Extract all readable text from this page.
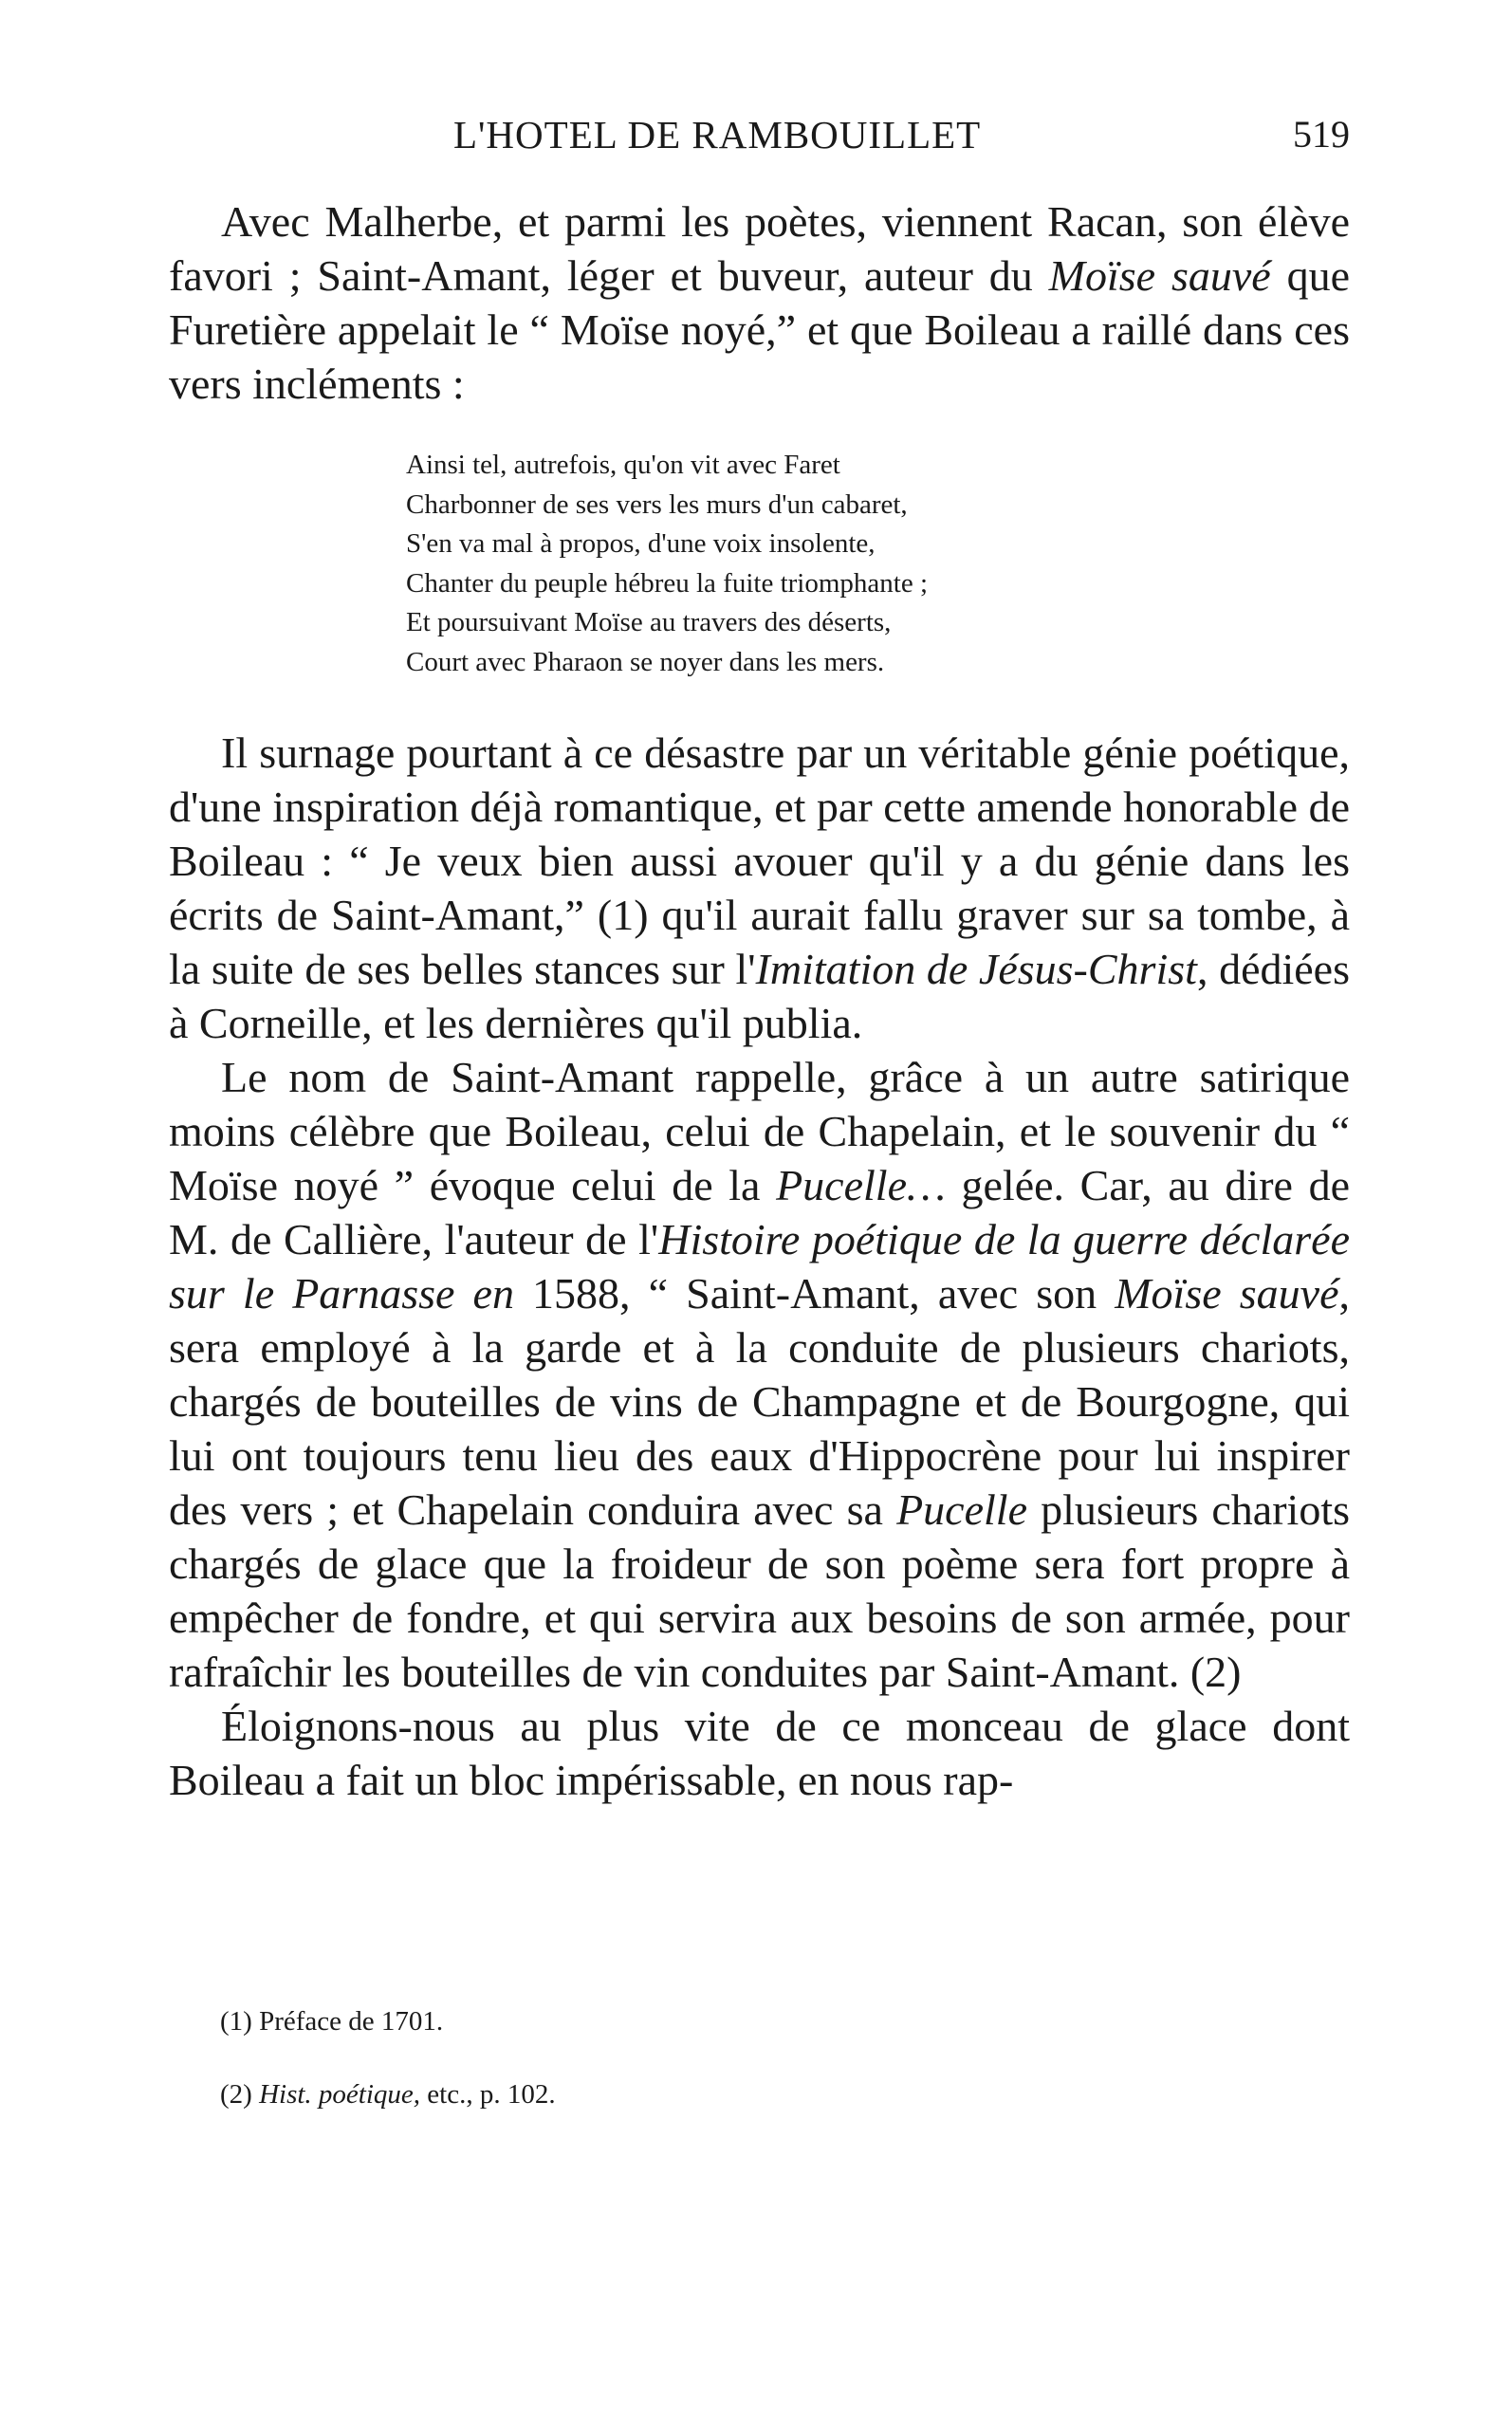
L'HOTEL DE RAMBOUILLET	519

Avec Malherbe, et parmi les poètes, viennent Racan, son élève favori ; Saint-Amant, léger et buveur, auteur du Moïse sauvé que Furetière appelait le “ Moïse noyé,” et que Boileau a raillé dans ces vers incléments :

Ainsi tel, autrefois, qu'on vit avec Faret
Charbonner de ses vers les murs d'un cabaret,
S'en va mal à propos, d'une voix insolente,
Chanter du peuple hébreu la fuite triomphante ;
Et poursuivant Moïse au travers des déserts,
Court avec Pharaon se noyer dans les mers.

Il surnage pourtant à ce désastre par un véritable génie poétique, d'une inspiration déjà romantique, et par cette amende honorable de Boileau : “ Je veux bien aussi avouer qu'il y a du génie dans les écrits de Saint-Amant,” (1) qu'il aurait fallu graver sur sa tombe, à la suite de ses belles stances sur l'Imitation de Jésus-Christ, dédiées à Corneille, et les dernières qu'il publia.

Le nom de Saint-Amant rappelle, grâce à un autre satirique moins célèbre que Boileau, celui de Chapelain, et le souvenir du “ Moïse noyé ” évoque celui de la Pucelle… gelée. Car, au dire de M. de Callière, l'auteur de l'Histoire poétique de la guerre déclarée sur le Parnasse en 1588, “ Saint-Amant, avec son Moïse sauvé, sera employé à la garde et à la conduite de plusieurs chariots, chargés de bouteilles de vins de Champagne et de Bourgogne, qui lui ont toujours tenu lieu des eaux d'Hippocrène pour lui inspirer des vers ; et Chapelain conduira avec sa Pucelle plusieurs chariots chargés de glace que la froideur de son poème sera fort propre à empêcher de fondre, et qui servira aux besoins de son armée, pour rafraîchir les bouteilles de vin conduites par Saint-Amant. (2)

Éloignons-nous au plus vite de ce monceau de glace dont Boileau a fait un bloc impérissable, en nous rap-

(1) Préface de 1701.

(2) Hist. poétique, etc., p. 102.
